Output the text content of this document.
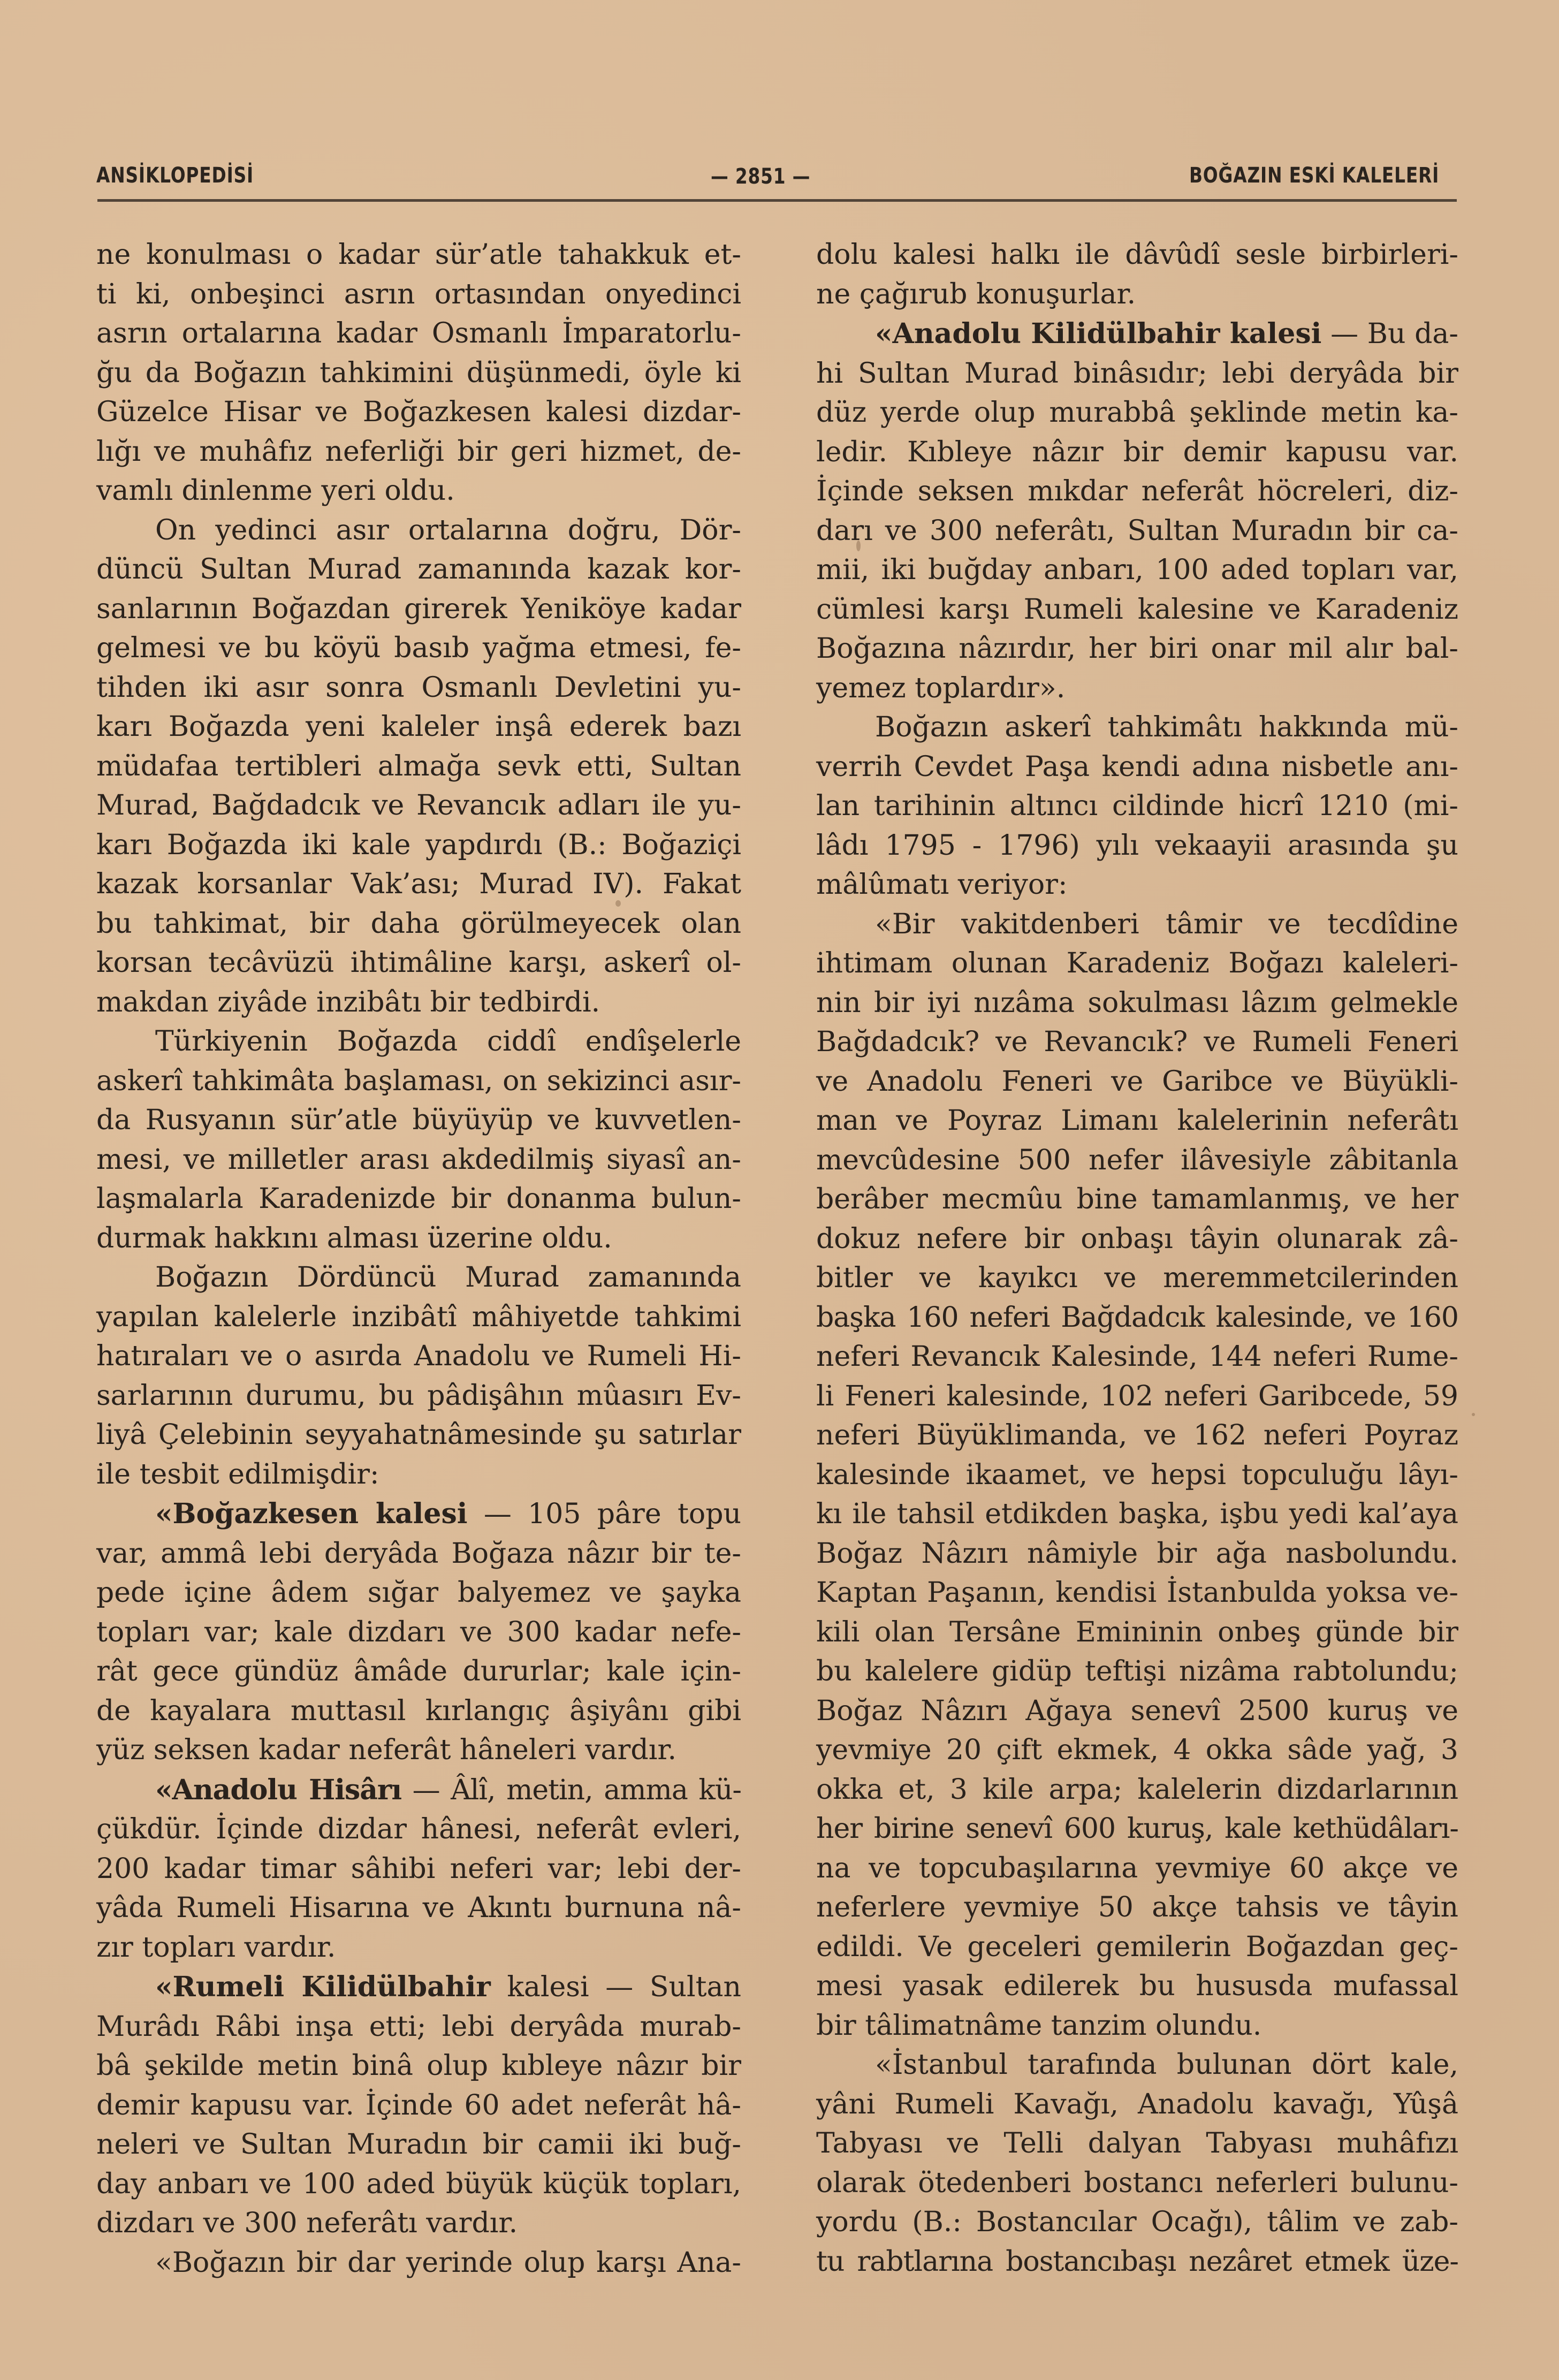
ANSİKLOPEDİSİ	— 2851 —	BOĞAZIN ESKİ KALELERİ
ne konulması o kadar sür’atle tahakkuk et-
ti ki, onbeşinci asrın ortasından onyedinci
asrın ortalarına kadar Osmanlı İmparatorlu-
ğu da Boğazın tahkimini düşünmedi, öyle ki
Güzelce Hisar ve Boğazkesen kalesi dizdar-
lığı ve muhâfız neferliği bir geri hizmet, de-
vamlı dinlenme yeri oldu.
On yedinci asır ortalarına doğru, Dör-
düncü Sultan Murad zamanında kazak kor-
sanlarının Boğazdan girerek Yeniköye kadar
gelmesi ve bu köyü basıb yağma etmesi, fe-
tihden iki asır sonra Osmanlı Devletini yu-
karı Boğazda yeni kaleler inşâ ederek bazı
müdafaa tertibleri almağa sevk etti, Sultan
Murad, Bağdadcık ve Revancık adları ile yu-
karı Boğazda iki kale yapdırdı (B.: Boğaziçi
kazak korsanlar Vak’ası; Murad IV). Fakat
bu tahkimat, bir daha görülmeyecek olan
korsan tecâvüzü ihtimâline karşı, askerî ol-
makdan ziyâde inzibâtı bir tedbirdi.
Türkiyenin Boğazda ciddî endîşelerle
askerî tahkimâta başlaması, on sekizinci asır-
da Rusyanın sür’atle büyüyüp ve kuvvetlen-
mesi, ve milletler arası akdedilmiş siyasî an-
laşmalarla Karadenizde bir donanma bulun-
durmak hakkını alması üzerine oldu.
Boğazın Dördüncü Murad zamanında
yapılan kalelerle inzibâtî mâhiyetde tahkimi
hatıraları ve o asırda Anadolu ve Rumeli Hi-
sarlarının durumu, bu pâdişâhın mûasırı Ev-
liyâ Çelebinin seyyahatnâmesinde şu satırlar
ile tesbit edilmişdir:
«Boğazkesen kalesi — 105 pâre topu
var, ammâ lebi deryâda Boğaza nâzır bir te-
pede içine âdem sığar balyemez ve şayka
topları var; kale dizdarı ve 300 kadar nefe-
rât gece gündüz âmâde dururlar; kale için-
de kayalara muttasıl kırlangıç âşiyânı gibi
yüz seksen kadar neferât hâneleri vardır.
«Anadolu Hisârı — Âlî, metin, amma kü-
çükdür. İçinde dizdar hânesi, neferât evleri,
200 kadar timar sâhibi neferi var; lebi der-
yâda Rumeli Hisarına ve Akıntı burnuna nâ-
zır topları vardır.
«Rumeli Kilidülbahir kalesi — Sultan
Murâdı Râbi inşa etti; lebi deryâda murab-
bâ şekilde metin binâ olup kıbleye nâzır bir
demir kapusu var. İçinde 60 adet neferât hâ-
neleri ve Sultan Muradın bir camii iki buğ-
day anbarı ve 100 aded büyük küçük topları,
dizdarı ve 300 neferâtı vardır.
«Boğazın bir dar yerinde olup karşı Ana-
dolu kalesi halkı ile dâvûdî sesle birbirleri-
ne çağırub konuşurlar.
«Anadolu Kilidülbahir kalesi — Bu da-
hi Sultan Murad binâsıdır; lebi deryâda bir
düz yerde olup murabbâ şeklinde metin ka-
ledir. Kıbleye nâzır bir demir kapusu var.
İçinde seksen mıkdar neferât höcreleri, diz-
darı ve 300 neferâtı, Sultan Muradın bir ca-
mii, iki buğday anbarı, 100 aded topları var,
cümlesi karşı Rumeli kalesine ve Karadeniz
Boğazına nâzırdır, her biri onar mil alır bal-
yemez toplardır».
Boğazın askerî tahkimâtı hakkında mü-
verrih Cevdet Paşa kendi adına nisbetle anı-
lan tarihinin altıncı cildinde hicrî 1210 (mi-
lâdı 1795 - 1796) yılı vekaayii arasında şu
mâlûmatı veriyor:
«Bir vakitdenberi tâmir ve tecdîdine
ihtimam olunan Karadeniz Boğazı kaleleri-
nin bir iyi nızâma sokulması lâzım gelmekle
Bağdadcık? ve Revancık? ve Rumeli Feneri
ve Anadolu Feneri ve Garibce ve Büyükli-
man ve Poyraz Limanı kalelerinin neferâtı
mevcûdesine 500 nefer ilâvesiyle zâbitanla
berâber mecmûu bine tamamlanmış, ve her
dokuz nefere bir onbaşı tâyin olunarak zâ-
bitler ve kayıkcı ve meremmetcilerinden
başka 160 neferi Bağdadcık kalesinde, ve 160
neferi Revancık Kalesinde, 144 neferi Rume-
li Feneri kalesinde, 102 neferi Garibcede, 59
neferi Büyüklimanda, ve 162 neferi Poyraz
kalesinde ikaamet, ve hepsi topculuğu lâyı-
kı ile tahsil etdikden başka, işbu yedi kal’aya
Boğaz Nâzırı nâmiyle bir ağa nasbolundu.
Kaptan Paşanın, kendisi İstanbulda yoksa ve-
kili olan Tersâne Emininin onbeş günde bir
bu kalelere gidüp teftişi nizâma rabtolundu;
Boğaz Nâzırı Ağaya senevî 2500 kuruş ve
yevmiye 20 çift ekmek, 4 okka sâde yağ, 3
okka et, 3 kile arpa; kalelerin dizdarlarının
her birine senevî 600 kuruş, kale kethüdâları-
na ve topcubaşılarına yevmiye 60 akçe ve
neferlere yevmiye 50 akçe tahsis ve tâyin
edildi. Ve geceleri gemilerin Boğazdan geç-
mesi yasak edilerek bu hususda mufassal
bir tâlimatnâme tanzim olundu.
«İstanbul tarafında bulunan dört kale,
yâni Rumeli Kavağı, Anadolu kavağı, Yûşâ
Tabyası ve Telli dalyan Tabyası muhâfızı
olarak ötedenberi bostancı neferleri bulunu-
yordu (B.: Bostancılar Ocağı), tâlim ve zab-
tu rabtlarına bostancıbaşı nezâret etmek üze-
